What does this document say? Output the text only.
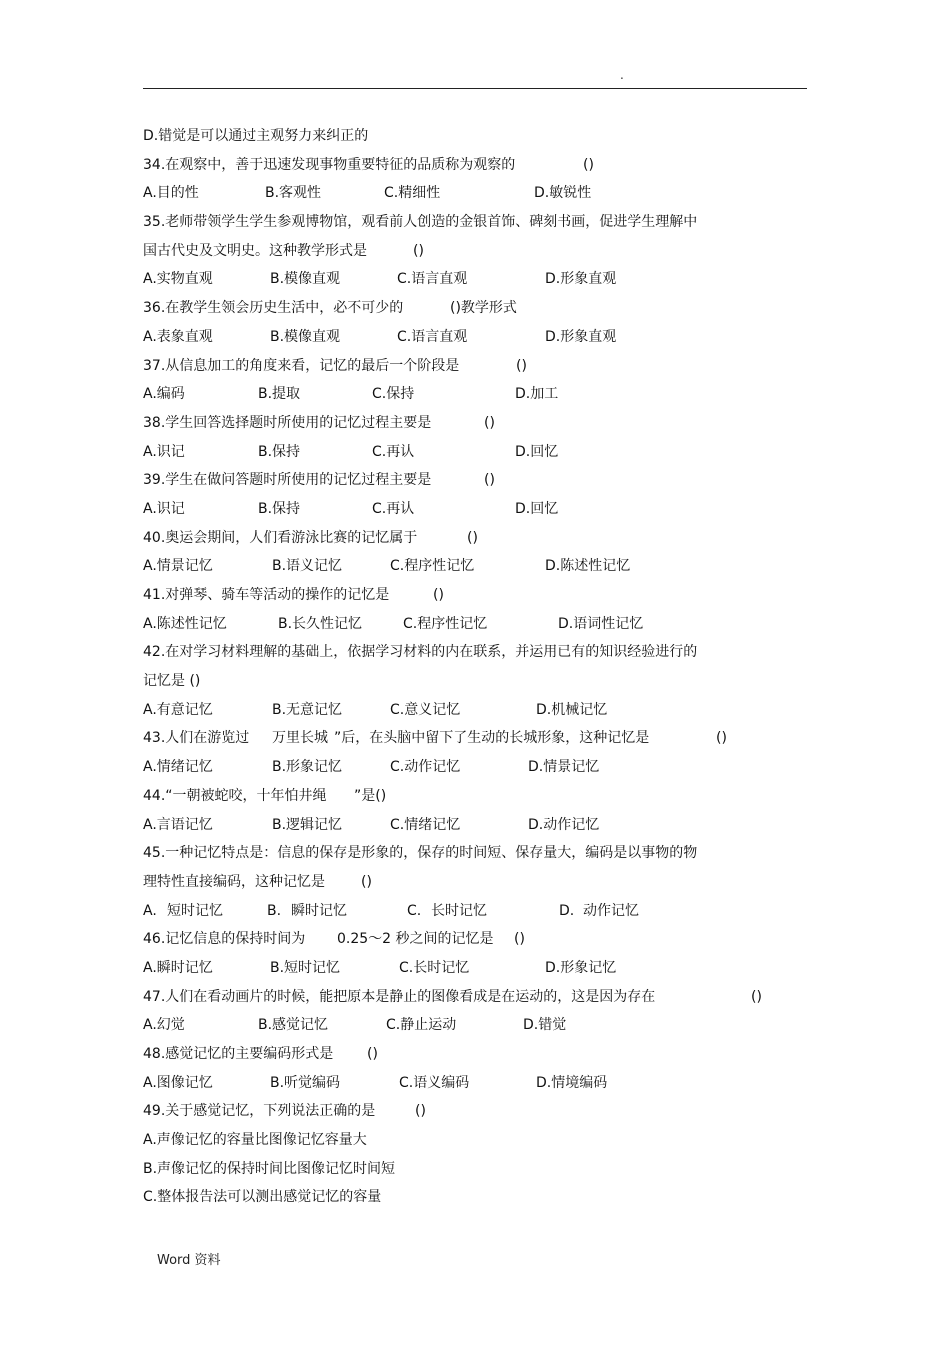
.
D.错觉是可以通过主观努力来纠正的
34.在观察中，善于迅速发现事物重要特征的品质称为观察的	()
A.目的性	B.客观性	C.精细性	D.敏锐性
35.老师带领学生学生参观博物馆，观看前人创造的金银首饰、碑刻书画，促进学生理解中
国古代史及文明史。这种教学形式是	()
A.实物直观	B.模像直观	C.语言直观	D.形象直观
36.在教学生领会历史生活中，必不可少的	()教学形式
A.表象直观	B.模像直观	C.语言直观	D.形象直观
37.从信息加工的角度来看，记忆的最后一个阶段是	()
A.编码	B.提取	C.保持	D.加工
38.学生回答选择题时所使用的记忆过程主要是	()
A.识记	B.保持	C.再认	D.回忆
39.学生在做问答题时所使用的记忆过程主要是	()
A.识记	B.保持	C.再认	D.回忆
40.奥运会期间，人们看游泳比赛的记忆属于	()
A.情景记忆	B.语义记忆	C.程序性记忆	D.陈述性记忆
41.对弹琴、骑车等活动的操作的记忆是	()
A.陈述性记忆	B.长久性记忆	C.程序性记忆	D.语词性记忆
42.在对学习材料理解的基础上，依据学习材料的内在联系，并运用已有的知识经验进行的
记忆是 ()
A.有意记忆	B.无意记忆	C.意义记忆	D.机械记忆
43.人们在游览过 万里长城 ”后，在头脑中留下了生动的长城形象，这种记忆是	()
A.情绪记忆	B.形象记忆	C.动作记忆	D.情景记忆
44.“一朝被蛇咬，十年怕井绳 ”是()
A.言语记忆	B.逻辑记忆	C.情绪记忆	D.动作记忆
45.一种记忆特点是：信息的保存是形象的，保存的时间短、保存量大，编码是以事物的物
理特性直接编码，这种记忆是	()
A. 短时记忆	B. 瞬时记忆	C. 长时记忆	D. 动作记忆
46.记忆信息的保持时间为 0.25～2 秒之间的记忆是 ()
A.瞬时记忆	B.短时记忆	C.长时记忆	D.形象记忆
47.人们在看动画片的时候，能把原本是静止的图像看成是在运动的，这是因为存在	()
A.幻觉	B.感觉记忆	C.静止运动	D.错觉
48.感觉记忆的主要编码形式是 ()
A.图像记忆	B.听觉编码	C.语义编码	D.情境编码
49.关于感觉记忆，下列说法正确的是	()
A.声像记忆的容量比图像记忆容量大
B.声像记忆的保持时间比图像记忆时间短
C.整体报告法可以测出感觉记忆的容量
Word 资料
